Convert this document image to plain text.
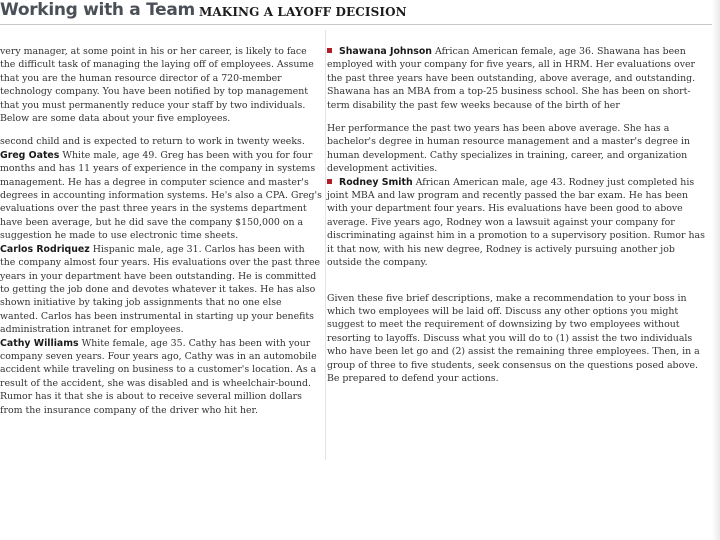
Working with a Team MAKING A LAYOFF DECISION

very manager, at some point in his or her career, is likely to face the difficult task of managing the laying off of employees. Assume that you are the human resource director of a 720-member technology company. You have been notified by top management that you must permanently reduce your staff by two individuals. Below are some data about your five employees.

second child and is expected to return to work in twenty weeks.

Greg Oates White male, age 49. Greg has been with you for four months and has 11 years of experience in the company in systems management. He has a degree in computer science and master's degrees in accounting information systems. He's also a CPA. Greg's evaluations over the past three years in the systems department have been average, but he did save the company $150,000 on a suggestion he made to use electronic time sheets.

Carlos Rodriquez Hispanic male, age 31. Carlos has been with the company almost four years. His evaluations over the past three years in your department have been outstanding. He is committed to getting the job done and devotes whatever it takes. He has also shown initiative by taking job assignments that no one else wanted. Carlos has been instrumental in starting up your benefits administration intranet for employees.

Cathy Williams White female, age 35. Cathy has been with your company seven years. Four years ago, Cathy was in an automobile accident while traveling on business to a customer's location. As a result of the accident, she was disabled and is wheelchair-bound. Rumor has it that she is about to receive several million dollars from the insurance company of the driver who hit her.

Shawana Johnson African American female, age 36. Shawana has been employed with your company for five years, all in HRM. Her evaluations over the past three years have been outstanding, above average, and outstanding. Shawana has an MBA from a top-25 business school. She has been on short-term disability the past few weeks because of the birth of her

Her performance the past two years has been above average. She has a bachelor's degree in human resource management and a master's degree in human development. Cathy specializes in training, career, and organization development activities.

Rodney Smith African American male, age 43. Rodney just completed his joint MBA and law program and recently passed the bar exam. He has been with your department four years. His evaluations have been good to above average. Five years ago, Rodney won a lawsuit against your company for discriminating against him in a promotion to a supervisory position. Rumor has it that now, with his new degree, Rodney is actively pursuing another job outside the company.

Given these five brief descriptions, make a recommendation to your boss in which two employees will be laid off. Discuss any other options you might suggest to meet the requirement of downsizing by two employees without resorting to layoffs. Discuss what you will do to (1) assist the two individuals who have been let go and (2) assist the remaining three employees. Then, in a group of three to five students, seek consensus on the questions posed above. Be prepared to defend your actions.
